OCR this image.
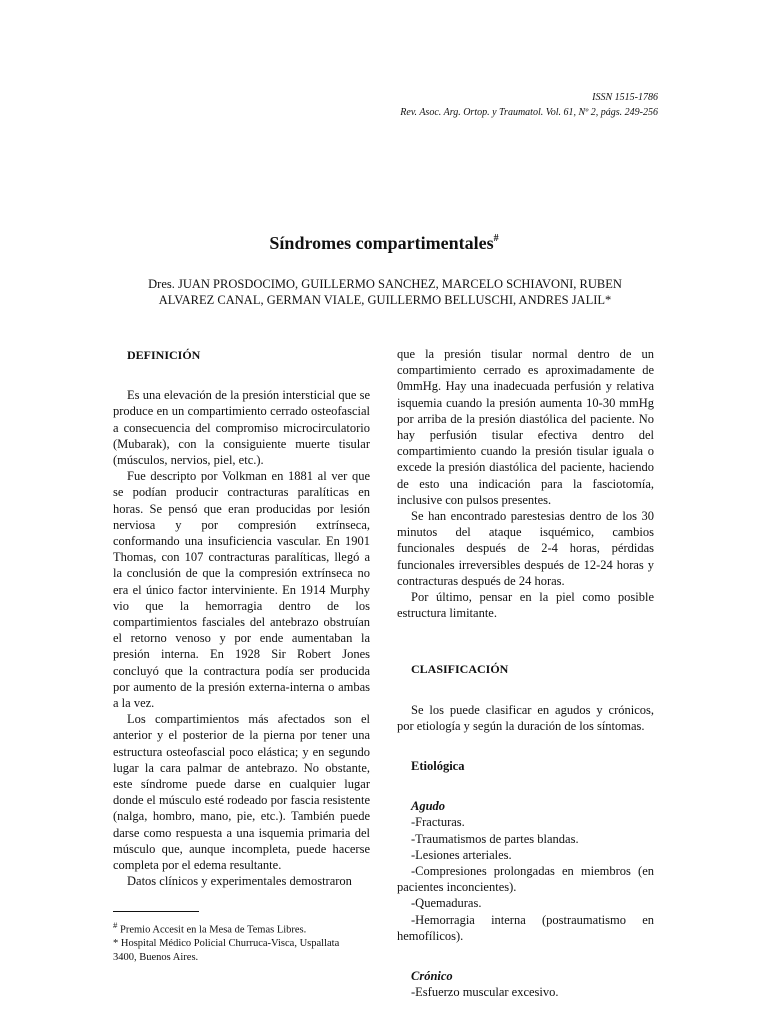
ISSN 1515-1786
Rev. Asoc. Arg. Ortop. y Traumatol. Vol. 61, Nº 2, págs. 249-256
Síndromes compartimentales#
Dres. JUAN PROSDOCIMO, GUILLERMO SANCHEZ, MARCELO SCHIAVONI, RUBEN
ALVAREZ CANAL, GERMAN VIALE, GUILLERMO BELLUSCHI, ANDRES JALIL*

DEFINICIÓN

Es una elevación de la presión intersticial que se produce en un compartimiento cerrado osteofascial a consecuencia del compromiso microcirculatorio (Mubarak), con la consiguiente muerte tisular (músculos, nervios, piel, etc.).

Fue descripto por Volkman en 1881 al ver que se podían producir contracturas paralíticas en horas. Se pensó que eran producidas por lesión nerviosa y por compresión extrínseca, conformando una insuficiencia vascular. En 1901 Thomas, con 107 contracturas paralíticas, llegó a la conclusión de que la compresión extrínseca no era el único factor interviniente. En 1914 Murphy vio que la hemorragia dentro de los compartimientos fasciales del antebrazo obstruían el retorno venoso y por ende aumentaban la presión interna. En 1928 Sir Robert Jones concluyó que la contractura podía ser producida por aumento de la presión externa-interna o ambas a la vez.

Los compartimientos más afectados son el anterior y el posterior de la pierna por tener una estructura osteofascial poco elástica; y en segundo lugar la cara palmar de antebrazo. No obstante, este síndrome puede darse en cualquier lugar donde el músculo esté rodeado por fascia resistente (nalga, hombro, mano, pie, etc.). También puede darse como respuesta a una isquemia primaria del músculo que, aunque incompleta, puede hacerse completa por el edema resultante.

Datos clínicos y experimentales demostraron

# Premio Accesit en la Mesa de Temas Libres.

* Hospital Médico Policial Churruca-Visca, Uspallata 3400, Buenos Aires.

que la presión tisular normal dentro de un compartimiento cerrado es aproximadamente de 0mmHg. Hay una inadecuada perfusión y relativa isquemia cuando la presión aumenta 10-30 mmHg por arriba de la presión diastólica del paciente. No hay perfusión tisular efectiva dentro del compartimiento cuando la presión tisular iguala o excede la presión diastólica del paciente, haciendo de esto una indicación para la fasciotomía, inclusive con pulsos presentes.

Se han encontrado parestesias dentro de los 30 minutos del ataque isquémico, cambios funcionales después de 2-4 horas, pérdidas funcionales irreversibles después de 12-24 horas y contracturas después de 24 horas.

Por último, pensar en la piel como posible estructura limitante.

CLASIFICACIÓN

Se los puede clasificar en agudos y crónicos, por etiología y según la duración de los síntomas.

Etiológica

Agudo

-Fracturas.

-Traumatismos de partes blandas.

-Lesiones arteriales.

-Compresiones prolongadas en miembros (en pacientes inconcientes).

-Quemaduras.

-Hemorragia interna (postraumatismo en hemofílicos).

Crónico

-Esfuerzo muscular excesivo.
